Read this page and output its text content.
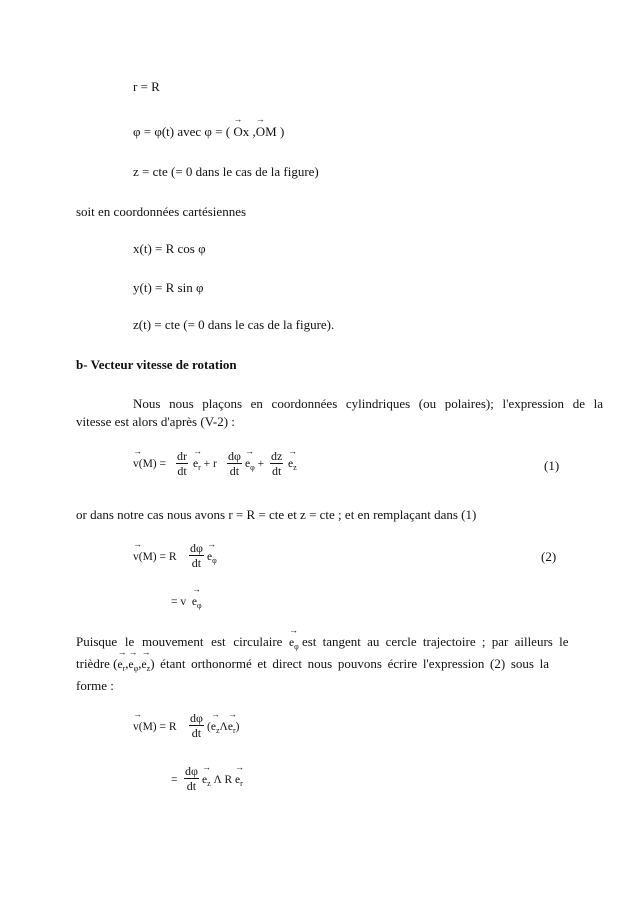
r = R
φ = φ(t) avec φ = ( → Ox ,→ OM )
z = cte (= 0 dans le cas de la figure)
soit en coordonnées cartésiennes
x(t) = R cos φ
y(t) = R sin φ
z(t) = cte (= 0 dans le cas de la figure).
b- Vecteur vitesse de rotation
Nous nous plaçons en coordonnées cylindriques (ou polaires); l'expression de la
vitesse est alors d'après (V-2) :
→ $v(M) = \frac{dr}{dt}$
→ $e_r + r \frac{d\varphi}{dt}$
→ $e_\varphi + \frac{dz}{dt}$
→ $e_z$	(1)
or dans notre cas nous avons r = R = cte et z = cte ; et en remplaçant dans (1)
→ v(M) = R $\frac{d\varphi}{dt}$
→ $e_\varphi$	(2)
= $v \to e_\varphi$
Puisque le mouvement est circulaire  → $e_\varphi$ est tangent au cercle trajectoire ; par ailleurs le
trièdre (→ $e_r,\to e_\varphi,\to e_z$) étant orthonormé et direct nous pouvons écrire l'expression (2) sous la
forme :
→ v(M) = R $\frac{d\varphi}{dt}$ (→ $e_z\Lambda\to e_r$)
= $\frac{d\varphi}{dt}$
→ $e_z$ Λ $R \to e_r$
